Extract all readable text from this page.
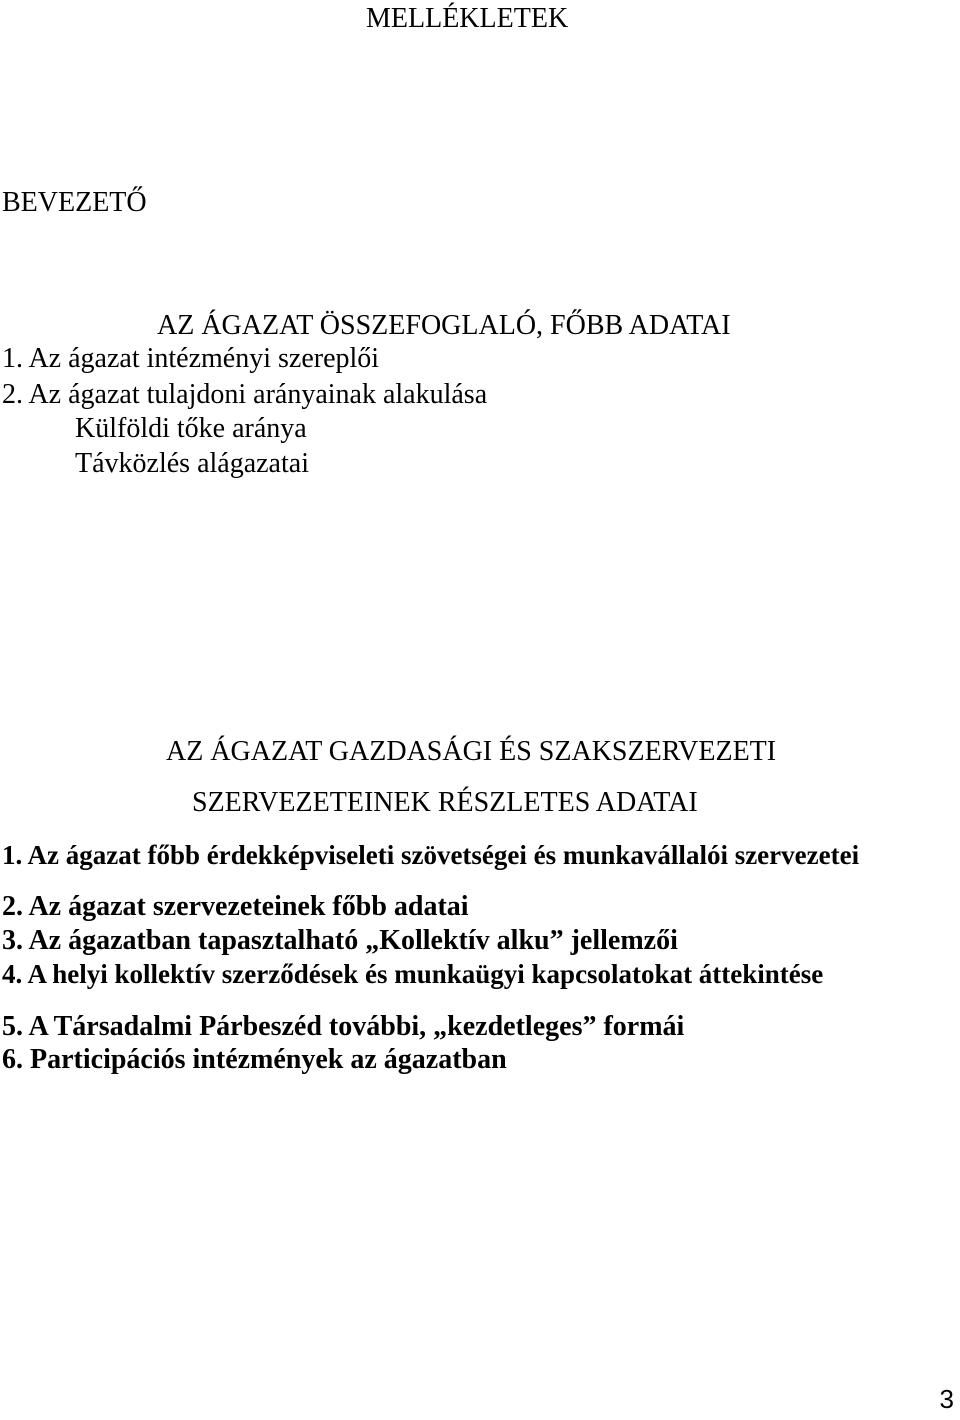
MELLÉKLETEK
BEVEZETŐ
AZ ÁGAZAT ÖSSZEFOGLALÓ, FŐBB ADATAI
1. Az ágazat intézményi szereplői
2. Az ágazat tulajdoni arányainak alakulása
Külföldi tőke aránya
Távközlés alágazatai
AZ ÁGAZAT GAZDASÁGI ÉS SZAKSZERVEZETI
SZERVEZETEINEK RÉSZLETES ADATAI
1. Az ágazat főbb érdekképviseleti szövetségei és munkavállalói szervezetei
2. Az ágazat szervezeteinek főbb adatai
3. Az ágazatban tapasztalható „Kollektív alku” jellemzői
4. A helyi kollektív szerződések és munkaügyi kapcsolatokat áttekintése
5. A Társadalmi Párbeszéd további, „kezdetleges” formái
6. Participációs intézmények az ágazatban
3
